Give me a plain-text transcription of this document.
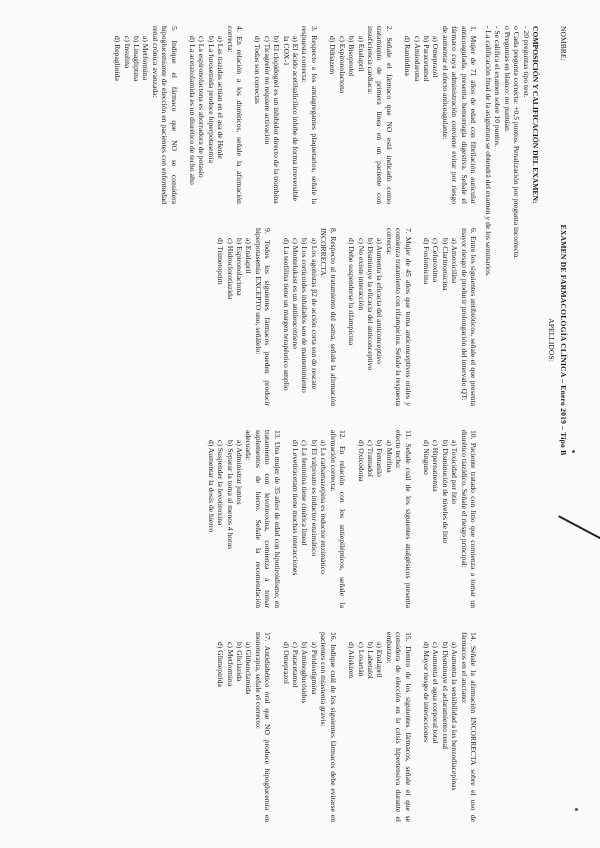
NOMBRE:
EXAMEN DE FARMACOLOGÍA CLÍNICA – Enero 2019 – Tipo B
APELLIDOS:
COMPOSICIÓN Y CALIFICACIÓN DEL EXAMEN:
- 20 preguntas tipo test.
o Cada pregunta correcta: +0,5 puntos. Penalización por pregunta incorrecta.
o Preguntas en blanco: no puntúan.
- Se califica el examen sobre 10 puntos.
- La calificación final de la asignatura se obtendrá del examen y de los seminarios.
1. Mujer de 71 años de edad con fibrilación auricular anticoagulada, presenta hemorragia digestiva. Señale el fármaco cuya administración conviene evitar por riesgo de aumentar el efecto anticoagulante:
a) Omeprazol
b) Paracetamol
c) Amiodarona
d) Ranitidina
2. Señale el fármaco que NO está indicado como tratamiento de primera línea en un paciente con insuficiencia cardiaca:
a) Enalapril
b) Bisoprolol
c) Espironolactona
d) Diltiazem
3. Respecto a los antiagregantes plaquetarios, señale la respuesta correcta:
a) El ácido acetilsalicílico inhibe de forma irreversible la COX-1
b) El clopidogrel es un inhibidor directo de la trombina
c) Ticagrelor no requiere activación
d) Todas son correctas
4. En relación a los diuréticos, señale la afirmación correcta:
a) Las tiazidas actúan en el asa de Henle
b) La furosemida produce hiperpotasemia
c) La espironolactona es ahorradora de potasio
d) La acetazolamida es un diurético de techo alto
5. Indique el fármaco que NO se considera hipoglucemiante de elección en pacientes con enfermedad renal crónica avanzada:
a) Metformina
b) Linagliptina
c) Insulina
d) Repaglinida
6. Entre los siguientes antibióticos, señale el que presenta mayor riesgo de producir prolongación del intervalo QT:
a) Amoxicilina
b) Claritromicina
c) Cefuroxima
d) Fosfomicina
7. Mujer de 45 años que toma anticonceptivos orales y comienza tratamiento con rifampicina. Señale la respuesta correcta:
a) Aumenta la eficacia del anticonceptivo
b) Disminuye la eficacia del anticonceptivo
c) No existe interacción
d) Debe suspenderse la rifampicina
8. Respecto al tratamiento del asma, señale la afirmación INCORRECTA:
a) Los agonistas β2 de acción corta son de rescate
b) Los corticoides inhalados son de mantenimiento
c) Montelukast es un antileucotrieno
d) La teofilina tiene un margen terapéutico amplio
9. Todos los siguientes fármacos pueden producir hiperpotasemia EXCEPTO uno, señálelo:
a) Enalapril
b) Espironolactona
c) Hidroclorotiazida
d) Trimetoprim
10. Paciente tratado con litio que comienza a tomar un diurético tiazídico. Señale el riesgo principal:
a) Toxicidad por litio
b) Disminución de niveles de litio
c) Hipernatremia
d) Ninguno
11. Señale cuál de los siguientes analgésicos presenta efecto techo:
a) Morfina
b) Fentanilo
c) Tramadol
d) Oxicodona
12. En relación con los antiepilépticos, señale la afirmación correcta:
a) La carbamazepina es inductor enzimático
b) El valproato es inductor enzimático
c) La fenitoína tiene cinética lineal
d) Levetiracetam tiene muchas interacciones
13. Una mujer de 35 años de edad con hipotiroidismo, en tratamiento con levotiroxina, comienza a tomar suplementos de hierro. Señale la recomendación adecuada:
a) Administrar juntos
b) Separar la toma al menos 4 horas
c) Suspender la levotiroxina
d) Aumentar la dosis de hierro
14. Señale la afirmación INCORRECTA sobre el uso de fármacos en el anciano:
a) Aumenta la sensibilidad a las benzodiacepinas
b) Disminuye el aclaramiento renal
c) Aumenta el agua corporal total
d) Mayor riesgo de interacciones
15. Dentro de los siguientes fármacos, señale el que se considera de elección en la crisis hipertensiva durante el embarazo:
a) Enalapril
b) Labetalol
c) Losartán
d) Aliskiren
16. Indique cuál de los siguientes fármacos debe evitarse en pacientes con miastenia gravis:
a) Piridostigmina
b) Aminoglucósidos
c) Paracetamol
d) Omeprazol
17. Antidiabético oral que NO produce hipoglucemia en monoterapia, señale el correcto:
a) Glibenclamida
b) Gliclazida
c) Metformina
d) Glimepirida
